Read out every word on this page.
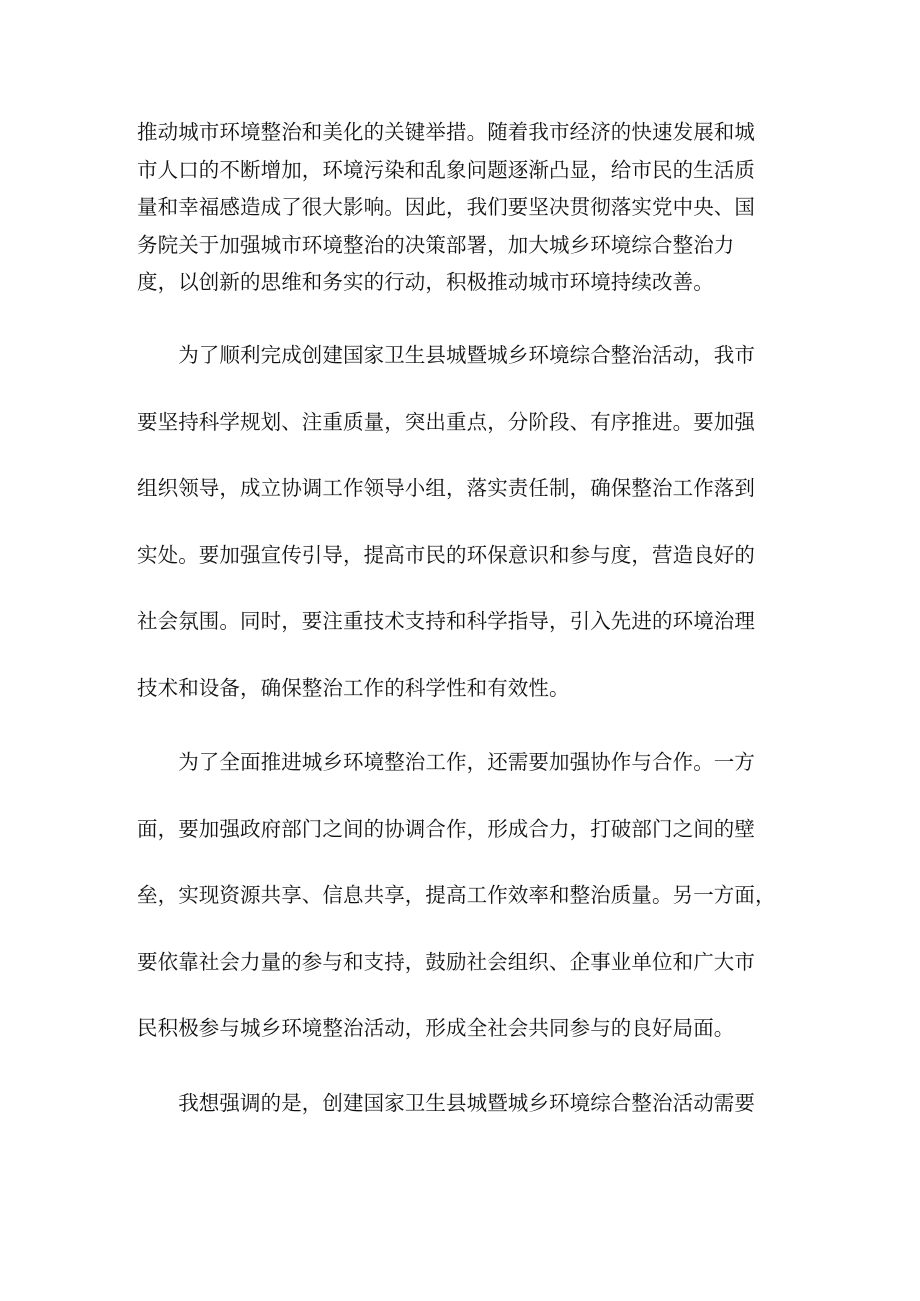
推动城市环境整治和美化的关键举措。随着我市经济的快速发展和城
市人口的不断增加，环境污染和乱象问题逐渐凸显，给市民的生活质
量和幸福感造成了很大影响。因此，我们要坚决贯彻落实党中央、国
务院关于加强城市环境整治的决策部署，加大城乡环境综合整治力
度，以创新的思维和务实的行动，积极推动城市环境持续改善。

　　为了顺利完成创建国家卫生县城暨城乡环境综合整治活动，我市
要坚持科学规划、注重质量，突出重点，分阶段、有序推进。要加强
组织领导，成立协调工作领导小组，落实责任制，确保整治工作落到
实处。要加强宣传引导，提高市民的环保意识和参与度，营造良好的
社会氛围。同时，要注重技术支持和科学指导，引入先进的环境治理
技术和设备，确保整治工作的科学性和有效性。

　　为了全面推进城乡环境整治工作，还需要加强协作与合作。一方
面，要加强政府部门之间的协调合作，形成合力，打破部门之间的壁
垒，实现资源共享、信息共享，提高工作效率和整治质量。另一方面，
要依靠社会力量的参与和支持，鼓励社会组织、企事业单位和广大市
民积极参与城乡环境整治活动，形成全社会共同参与的良好局面。

　　我想强调的是，创建国家卫生县城暨城乡环境综合整治活动需要
